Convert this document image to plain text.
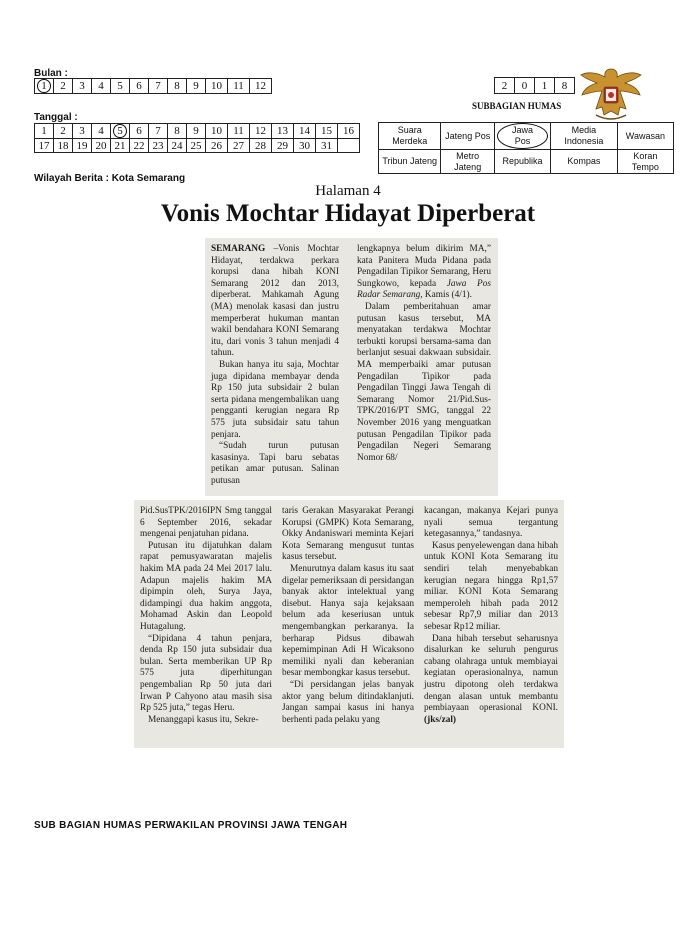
Bulan :
1	2	3	4	5	6	7	8	9	10	11	12
Tanggal :
1	2	3	4	5	6	7	8	9	10	11	12	13	14	15	16
17	18	19	20	21	22	23	24	25	26	27	28	29	30	31	
Wilayah Berita : Kota Semarang
2	0	1	8
SUBBAGIAN HUMAS
Suara Merdeka	Jateng Pos	Jawa Pos	Media Indonesia	Wawasan
Tribun Jateng	Metro Jateng	Republika	Kompas	Koran Tempo
Halaman 4
Vonis Mochtar Hidayat Diperberat

SEMARANG –Vonis Mochtar Hidayat, terdakwa perkara korupsi dana hibah KONI Semarang 2012 dan 2013, diperberat. Mahkamah Agung (MA) menolak kasasi dan justru memperberat hukuman mantan wakil bendahara KONI Semarang itu, dari vonis 3 tahun menjadi 4 tahun.

Bukan hanya itu saja, Mochtar juga dipidana membayar denda Rp 150 juta subsidair 2 bulan serta pidana mengembalikan uang pengganti kerugian negara Rp 575 juta subsidair satu tahun penjara.

“Sudah turun putusan kasasinya. Tapi baru sebatas petikan amar putusan. Salinan putusan

lengkapnya belum dikirim MA,” kata Panitera Muda Pidana pada Pengadilan Tipikor Semarang, Heru Sungkowo, kepada Jawa Pos Radar Semarang, Kamis (4/1).

Dalam pemberitahuan amar putusan kasus tersebut, MA menyatakan terdakwa Mochtar terbukti korupsi bersama-sama dan berlanjut sesuai dakwaan subsidair. MA memperbaiki amar putusan Pengadilan Tipikor pada Pengadilan Tinggi Jawa Tengah di Semarang Nomor 21/Pid.Sus-TPK/2016/PT SMG, tanggal 22 November 2016 yang menguatkan putusan Pengadilan Tipikor pada Pengadilan Negeri Semarang Nomor 68/

Pid.SusTPK/2016IPN Smg tanggal 6 September 2016, sekadar mengenai penjatuhan pidana.

Putusan itu dijatuhkan dalam rapat pemusyawaratan majelis hakim MA pada 24 Mei 2017 lalu. Adapun majelis hakim MA dipimpin oleh, Surya Jaya, didampingi dua hakim anggota, Mohamad Askin dan Leopold Hutagalung.

“Dipidana 4 tahun penjara, denda Rp 150 juta subsidair dua bulan. Serta memberikan UP Rp 575 juta diperhitungan pengembalian Rp 50 juta dari Irwan P Cahyono atau masih sisa Rp 525 juta,” tegas Heru.

Menanggapi kasus itu, Sekre-

taris Gerakan Masyarakat Perangi Korupsi (GMPK) Kota Semarang, Okky Andaniswari meminta Kejari Kota Semarang mengusut tuntas kasus tersebut.

Menurutnya dalam kasus itu saat digelar pemeriksaan di persidangan banyak aktor intelektual yang disebut. Hanya saja kejaksaan belum ada keseriusan untuk mengembangkan perkaranya. Ia berharap Pidsus dibawah kepemimpinan Adi H Wicaksono memiliki nyali dan keberanian besar membongkar kasus tersebut.

“Di persidangan jelas banyak aktor yang belum ditindaklanjuti. Jangan sampai kasus ini hanya berhenti pada pelaku yang

kacangan, makanya Kejari punya nyali semua tergantung ketegasannya,” tandasnya.

Kasus penyelewengan dana hibah untuk KONI Kota Semarang itu sendiri telah menyebabkan kerugian negara hingga Rp1,57 miliar. KONI Kota Semarang memperoleh hibah pada 2012 sebesar Rp7,9 miliar dan 2013 sebesar Rp12 miliar.

Dana hibah tersebut seharusnya disalurkan ke seluruh pengurus cabang olahraga untuk membiayai kegiatan operasionalnya, namun justru dipotong oleh terdakwa dengan alasan untuk membantu pembiayaan operasional KONI. (jks/zal)

SUB BAGIAN HUMAS PERWAKILAN PROVINSI JAWA TENGAH
